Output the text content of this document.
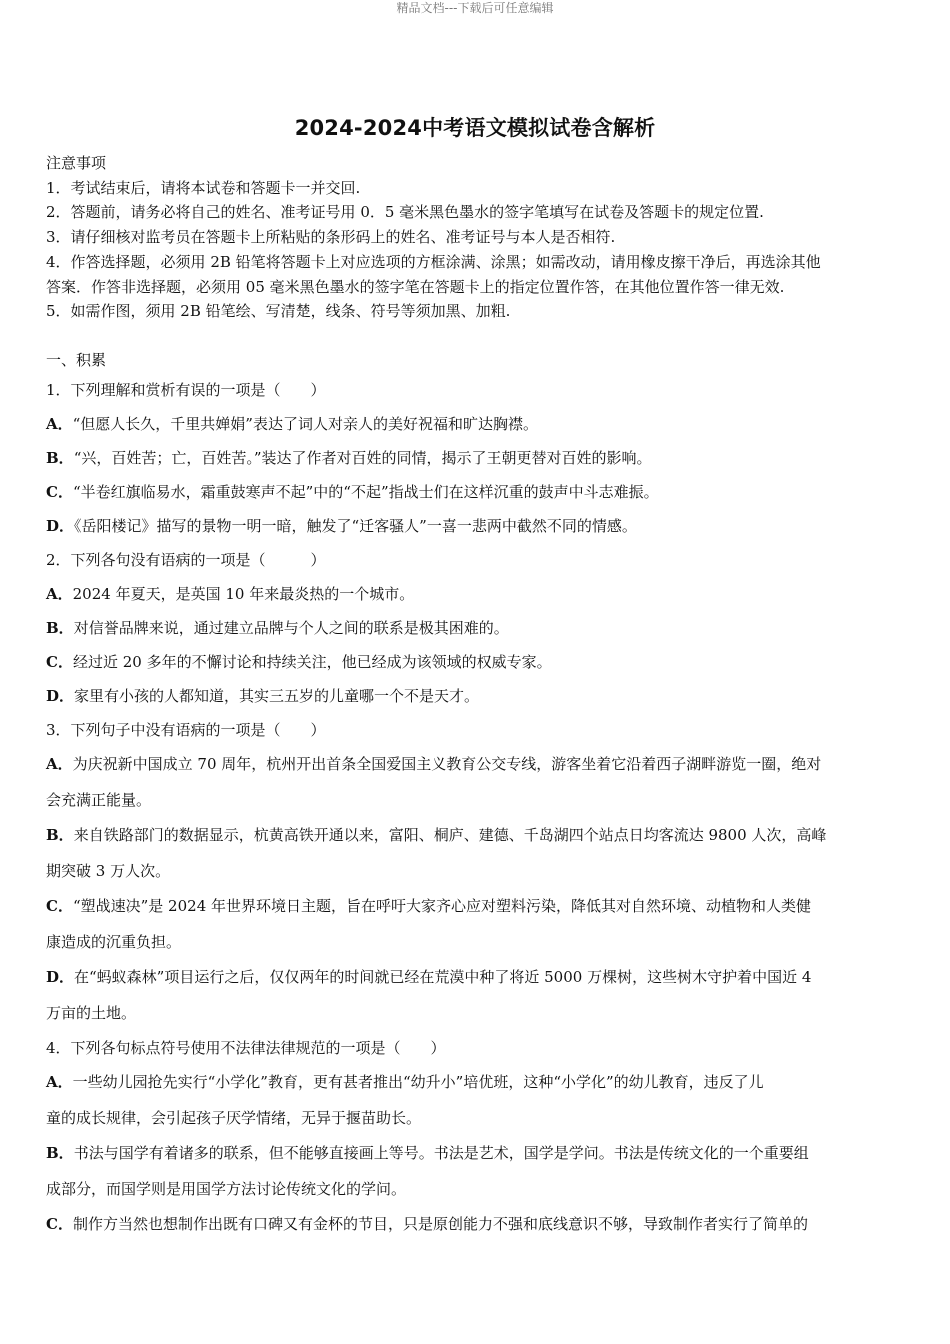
精品文档---下载后可任意编辑
2024-2024中考语文模拟试卷含解析

注意事项

1．考试结束后，请将本试卷和答题卡一并交回.

2．答题前，请务必将自己的姓名、准考证号用 0．5 毫米黑色墨水的签字笔填写在试卷及答题卡的规定位置.

3．请仔细核对监考员在答题卡上所粘贴的条形码上的姓名、准考证号与本人是否相符.

4．作答选择题，必须用 2B 铅笔将答题卡上对应选项的方框涂满、涂黑；如需改动，请用橡皮擦干净后，再选涂其他

答案．作答非选择题，必须用 05 毫米黑色墨水的签字笔在答题卡上的指定位置作答，在其他位置作答一律无效.

5．如需作图，须用 2B 铅笔绘、写清楚，线条、符号等须加黑、加粗.

一、积累

1．下列理解和赏析有误的一项是（　　）

A．“但愿人长久，千里共婵娟”表达了词人对亲人的美好祝福和旷达胸襟。

B．“兴，百姓苦；亡，百姓苦。”装达了作者对百姓的同情，揭示了王朝更替对百姓的影响。

C．“半卷红旗临易水，霜重鼓寒声不起”中的“不起”指战士们在这样沉重的鼓声中斗志难振。

D．《岳阳楼记》描写的景物一明一暗，触发了“迁客骚人”一喜一悲两中截然不同的情感。

2．下列各句没有语病的一项是（　　　）

A．2024 年夏天，是英国 10 年来最炎热的一个城市。

B．对信誉品牌来说，通过建立品牌与个人之间的联系是极其困难的。

C．经过近 20 多年的不懈讨论和持续关注，他已经成为该领域的权威专家。

D．家里有小孩的人都知道，其实三五岁的儿童哪一个不是天才。

3．下列句子中没有语病的一项是（　　）

A．为庆祝新中国成立 70 周年，杭州开出首条全国爱国主义教育公交专线，游客坐着它沿着西子湖畔游览一圈，绝对
会充满正能量。

B．来自铁路部门的数据显示，杭黄高铁开通以来，富阳、桐庐、建德、千岛湖四个站点日均客流达 9800 人次，高峰
期突破 3 万人次。

C．“塑战速决”是 2024 年世界环境日主题，旨在呼吁大家齐心应对塑料污染，降低其对自然环境、动植物和人类健
康造成的沉重负担。

D．在“蚂蚁森林”项目运行之后，仅仅两年的时间就已经在荒漠中种了将近 5000 万棵树，这些树木守护着中国近 4
万亩的土地。

4．下列各句标点符号使用不法律法律规范的一项是（　　）

A．一些幼儿园抢先实行“小学化”教育，更有甚者推出“幼升小”培优班，这种“小学化”的幼儿教育，违反了儿
童的成长规律，会引起孩子厌学情绪，无异于揠苗助长。

B．书法与国学有着诸多的联系，但不能够直接画上等号。书法是艺术，国学是学问。书法是传统文化的一个重要组
成部分，而国学则是用国学方法讨论传统文化的学问。

C．制作方当然也想制作出既有口碑又有金杯的节目，只是原创能力不强和底线意识不够，导致制作者实行了简单的
